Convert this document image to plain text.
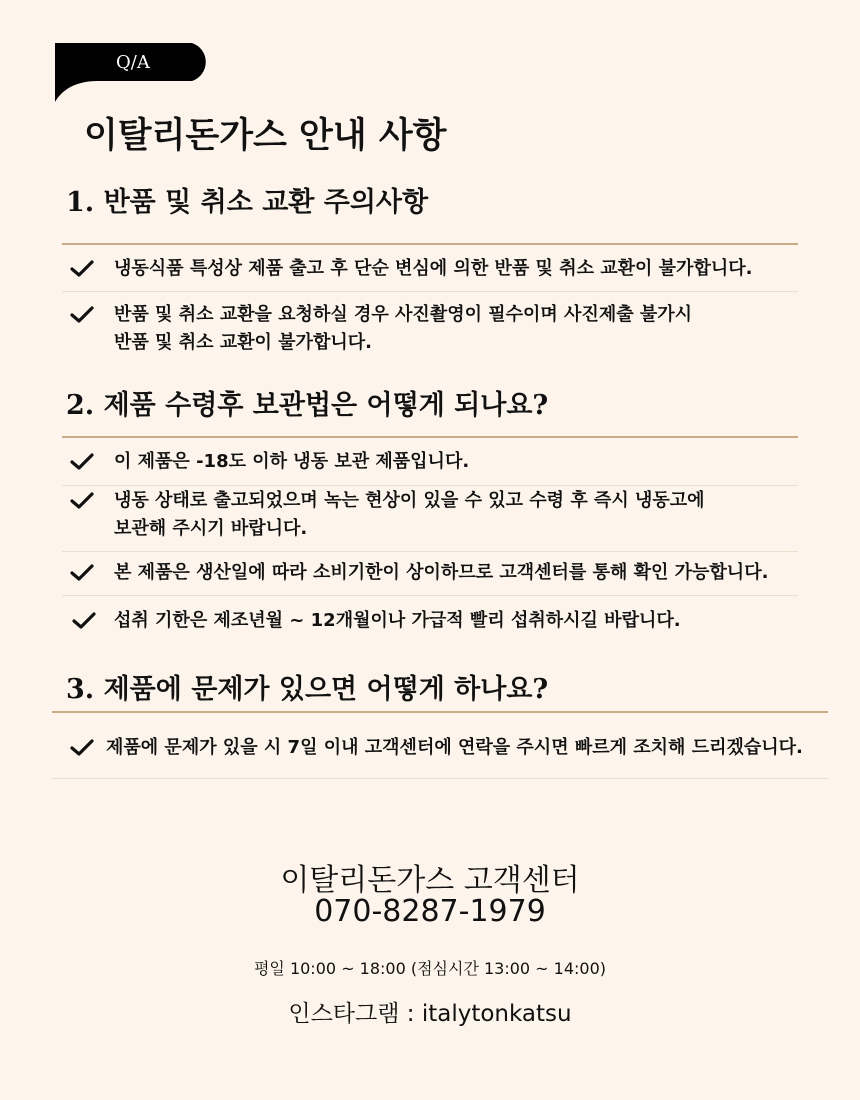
Q/A
이탈리돈가스 안내 사항
1. 반품 및 취소 교환 주의사항
냉동식품 특성상 제품 출고 후 단순 변심에 의한 반품 및 취소 교환이 불가합니다.
반품 및 취소 교환을 요청하실 경우 사진촬영이 필수이며 사진제출 불가시
반품 및 취소 교환이 불가합니다.
2. 제품 수령후 보관법은 어떻게 되나요?
이 제품은 -18도 이하 냉동 보관 제품입니다.
냉동 상태로 출고되었으며 녹는 현상이 있을 수 있고 수령 후 즉시 냉동고에
보관해 주시기 바랍니다.
본 제품은 생산일에 따라 소비기한이 상이하므로 고객센터를 통해 확인 가능합니다.
섭취 기한은 제조년월 ~ 12개월이나 가급적 빨리 섭취하시길 바랍니다.
3. 제품에 문제가 있으면 어떻게 하나요?
제품에 문제가 있을 시 7일 이내 고객센터에 연락을 주시면 빠르게 조치해 드리겠습니다.
이탈리돈가스 고객센터
070-8287-1979
평일 10:00 ~ 18:00 (점심시간 13:00 ~ 14:00)
인스타그램 : italytonkatsu
